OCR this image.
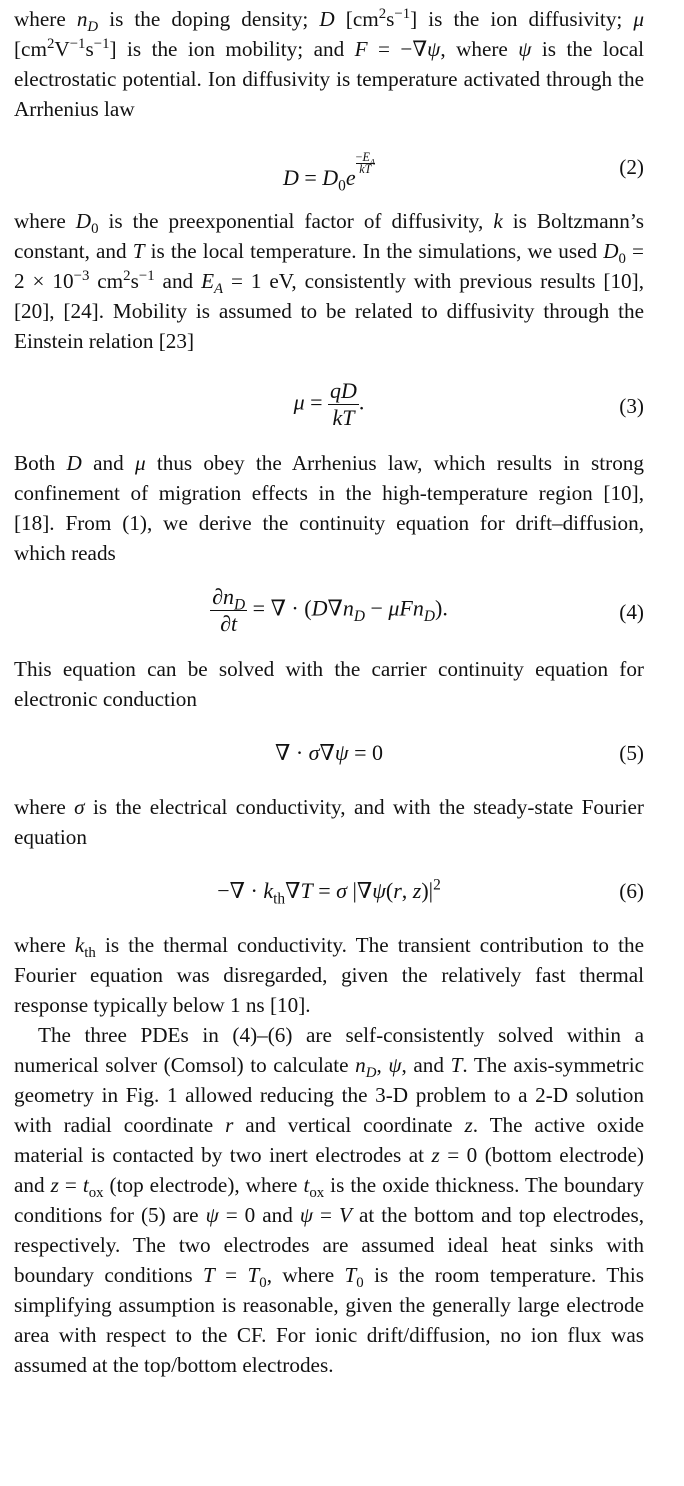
where $n_D$ is the doping density; D $[cm^2s^{-1}]$ is the ion diffusivity; μ $[cm^2V^{-1}s^{-1}]$ is the ion mobility; and F = −∇ψ, where ψ is the local electrostatic potential. Ion diffusivity is temperature activated through the Arrhenius law

$D = D_0e$
$\frac{-E_A}{kT}$	(2)

where $D_0$ is the preexponential factor of diffusivity, k is Boltzmann’s constant, and T is the local temperature. In the simulations, we used $D_0 = 2 \times 10^{-3}$ $cm^2s^{-1}$ and $E_A = 1$ eV, consistently with previous results [10], [20], [24]. Mobility is assumed to be related to diffusivity through the Einstein relation [23]

$\mu = \frac{qD}{kT}$ .	(3)

Both D and μ thus obey the Arrhenius law, which results in strong confinement of migration effects in the high-temperature region [10], [18]. From (1), we derive the continuity equation for drift–diffusion, which reads

$\frac{\partial n_D}{\partial t}$ = ∇ · $(D\nabla n_D - \mu Fn_D)$.	(4)

This equation can be solved with the carrier continuity equation for electronic conduction

∇ · σ∇ψ = 0	(5)

where σ is the electrical conductivity, and with the steady-state Fourier equation

−∇ · $k_{th}\nabla T = \sigma$ |∇ψ(r, $z)|^2$	(6)

where $k_{th}$ is the thermal conductivity. The transient contribution to the Fourier equation was disregarded, given the relatively fast thermal response typically below 1 ns [10].

The three PDEs in (4)–(6) are self-consistently solved within a numerical solver (Comsol) to calculate $n_D$, ψ, and T. The axis-symmetric geometry in Fig. 1 allowed reducing the 3-D problem to a 2-D solution with radial coordinate r and vertical coordinate z. The active oxide material is contacted by two inert electrodes at z = 0 (bottom electrode) and $z = t_{ox}$ (top electrode), where $t_{ox}$ is the oxide thickness. The boundary conditions for (5) are ψ = 0 and ψ = V at the bottom and top electrodes, respectively. The two electrodes are assumed ideal heat sinks with boundary conditions $T = T_0$, where $T_0$ is the room temperature. This simplifying assumption is reasonable, given the generally large electrode area with respect to the CF. For ionic drift/diffusion, no ion flux was assumed at the top/bottom electrodes.
